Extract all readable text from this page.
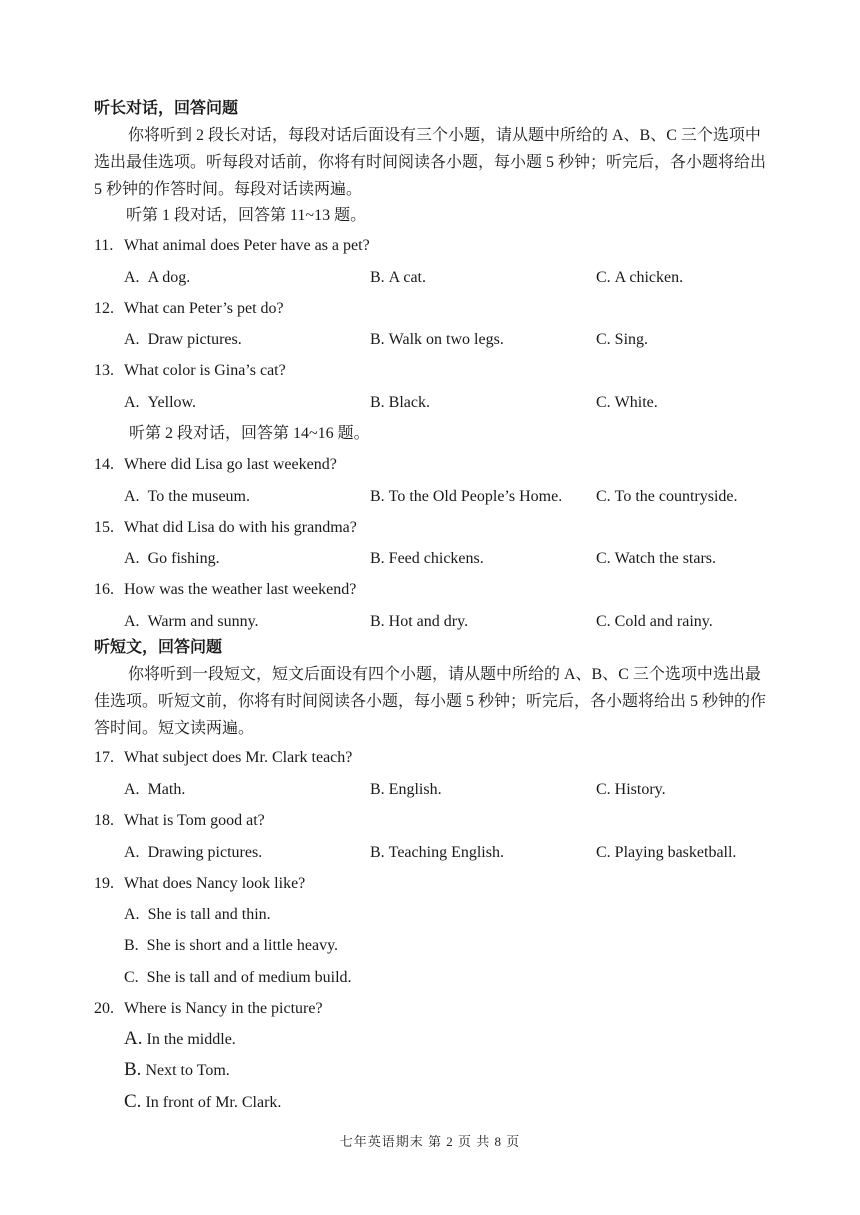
听长对话，回答问题
你将听到 2 段长对话，每段对话后面设有三个小题，请从题中所给的 A、B、C 三个选项中选出最佳选项。听每段对话前，你将有时间阅读各小题，每小题 5 秒钟；听完后，各小题将给出 5 秒钟的作答时间。每段对话读两遍。
听第 1 段对话，回答第 11~13 题。
11. What animal does Peter have as a pet?
A. A dog.	B. A cat.	C. A chicken.
12. What can Peter’s pet do?
A. Draw pictures.	B. Walk on two legs.	C. Sing.
13. What color is Gina’s cat?
A. Yellow.	B. Black.	C. White.
听第 2 段对话，回答第 14~16 题。
14. Where did Lisa go last weekend?
A. To the museum.	B. To the Old People’s Home. C. To the countryside.
15. What did Lisa do with his grandma?
A. Go fishing.	B. Feed chickens.	C. Watch the stars.
16. How was the weather last weekend?
A. Warm and sunny.	B. Hot and dry.	C. Cold and rainy.
听短文，回答问题
你将听到一段短文，短文后面设有四个小题，请从题中所给的 A、B、C 三个选项中选出最佳选项。听短文前，你将有时间阅读各小题，每小题 5 秒钟；听完后，各小题将给出 5 秒钟的作答时间。短文读两遍。
17. What subject does Mr. Clark teach?
A. Math.	B. English.	C. History.
18. What is Tom good at?
A. Drawing pictures.	B. Teaching English.	C. Playing basketball.
19. What does Nancy look like?
A. She is tall and thin.
B. She is short and a little heavy.
C. She is tall and of medium build.
20. Where is Nancy in the picture?
A. In the middle.
B. Next to Tom.
C. In front of Mr. Clark.
七年英语期末 第 2 页 共 8 页
